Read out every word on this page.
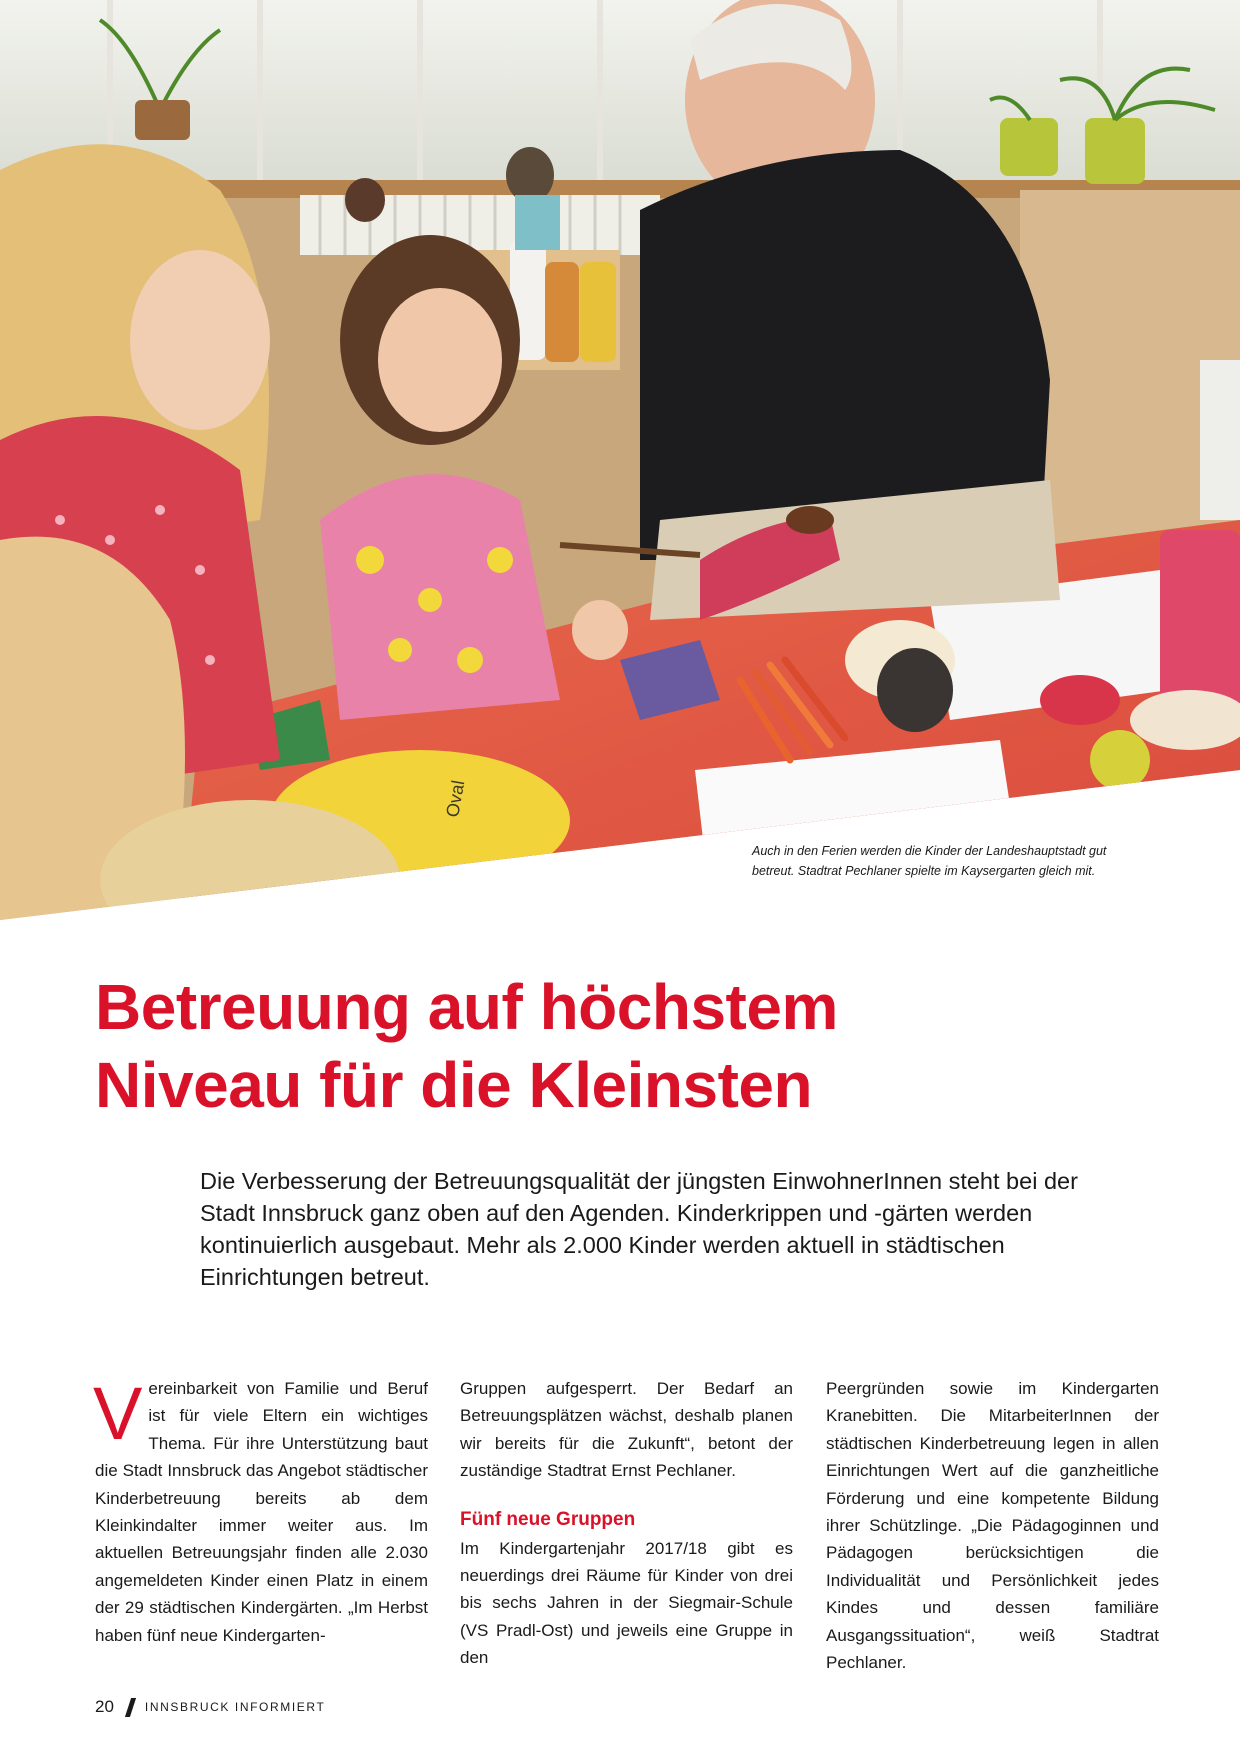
Oval
Auch in den Ferien werden die Kinder der Landeshauptstadt gut
betreut. Stadtrat Pechlaner spielte im Kaysergarten gleich mit.
Betreuung auf höchstem
Niveau für die Kleinsten

Die Verbesserung der Betreuungsqualität der jüngsten EinwohnerInnen steht bei der Stadt Innsbruck ganz oben auf den Agenden. Kinderkrippen und -gärten werden kontinuierlich ausgebaut. Mehr als 2.000 Kinder werden aktuell in städtischen Einrichtungen betreut.

Vereinbarkeit von Familie und Beruf ist für viele Eltern ein wichtiges Thema. Für ihre Unterstützung baut die Stadt Innsbruck das Angebot städtischer Kinderbetreuung bereits ab dem Kleinkindalter immer weiter aus. Im aktuellen Betreuungsjahr finden alle 2.030 angemeldeten Kinder einen Platz in einem der 29 städtischen Kindergärten. „Im Herbst haben fünf neue Kindergarten-

Gruppen aufgesperrt. Der Bedarf an Betreuungsplätzen wächst, deshalb planen wir bereits für die Zukunft“, betont der zuständige Stadtrat Ernst Pechlaner.

Fünf neue Gruppen

Im Kindergartenjahr 2017/18 gibt es neuerdings drei Räume für Kinder von drei bis sechs Jahren in der Siegmair-Schule (VS Pradl-Ost) und jeweils eine Gruppe in den

Peergründen sowie im Kindergarten Kranebitten. Die MitarbeiterInnen der städtischen Kinderbetreuung legen in allen Einrichtungen Wert auf die ganzheitliche Förderung und eine kompetente Bildung ihrer Schützlinge. „Die Pädagoginnen und Pädagogen berücksichtigen die Individualität und Persönlichkeit jedes Kindes und dessen familiäre Ausgangssituation“, weiß Stadtrat Pechlaner.

20	INNSBRUCK INFORMIERT
